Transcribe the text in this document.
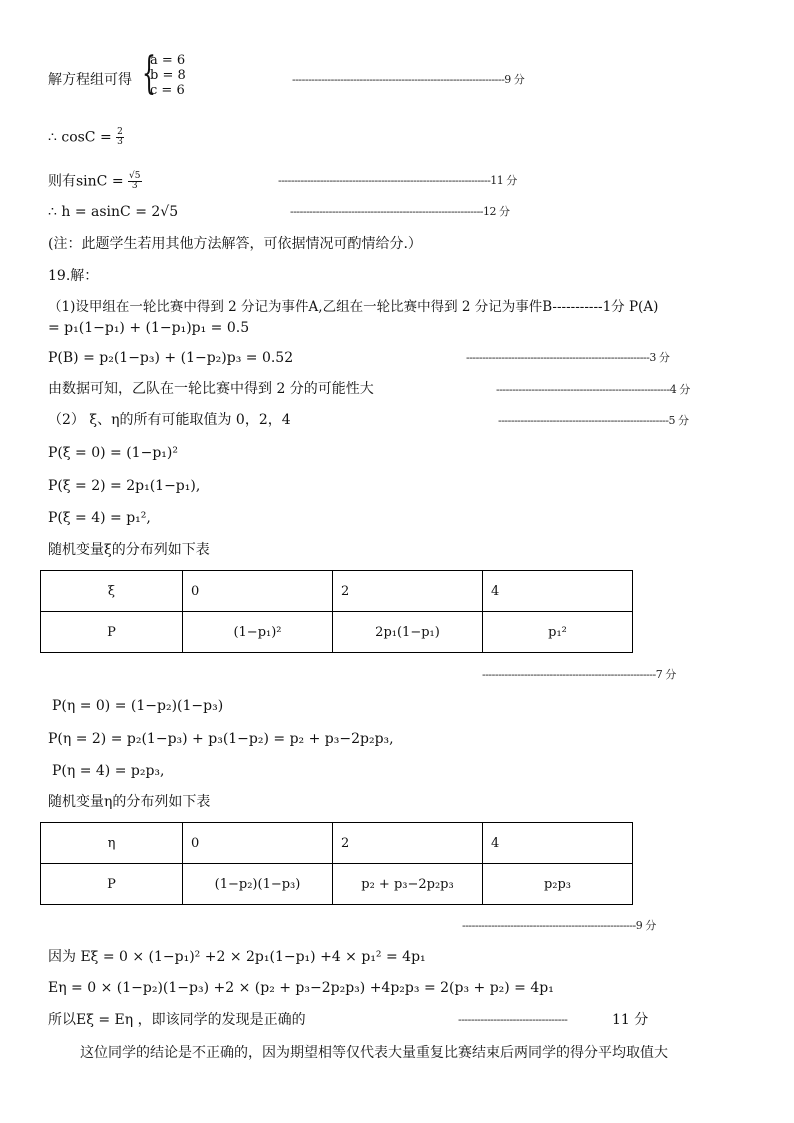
解方程组可得 {
a = 6
b = 8
c = 6
------------------------------------------------------------------9 分
∴ $\cos C = \frac{2}{3}$
则有$\sin C = \frac{√5}{3}$	------------------------------------------------------------------11 分
∴ h = asinC = 2√5	------------------------------------------------------------12 分
(注：此题学生若用其他方法解答，可依据情况可酌情给分.）
19.解：
（1)设甲组在一轮比赛中得到 2 分记为事件A,乙组在一轮比赛中得到 2 分记为事件B-----------1分 P(A)
= p₁(1−p₁) + (1−p₁)p₁ = 0.5
P(B) = p₂(1−p₃) + (1−p₂)p₃ = 0.52	---------------------------------------------------------3 分
由数据可知，乙队在一轮比赛中得到 2 分的可能性大	------------------------------------------------------4 分
（2） ξ、η的所有可能取值为 0，2，4	-----------------------------------------------------5 分
P(ξ = 0) = (1−p₁)²
P(ξ = 2) = 2p₁(1−p₁),
P(ξ = 4) = p₁²,
随机变量ξ的分布列如下表
ξ	0	2	4
P	(1−p₁)²	2p₁(1−p₁)	p₁²
------------------------------------------------------7 分
P(η = 0) = (1−p₂)(1−p₃)
P(η = 2) = p₂(1−p₃) + p₃(1−p₂) = p₂ + p₃−2p₂p₃,
P(η = 4) = p₂p₃,
随机变量η的分布列如下表
η	0	2	4
P	(1−p₂)(1−p₃)	p₂ + p₃−2p₂p₃	p₂p₃
------------------------------------------------------9 分
因为 Eξ = 0 × (1−p₁)² +2 × 2p₁(1−p₁) +4 × p₁² = 4p₁
Eη = 0 × (1−p₂)(1−p₃) +2 × (p₂ + p₃−2p₂p₃) +4p₂p₃ = 2(p₃ + p₂) = 4p₁
所以Eξ = Eη ，即该同学的发现是正确的	----------------------------------	11 分
这位同学的结论是不正确的，因为期望相等仅代表大量重复比赛结束后两同学的得分平均取值大
